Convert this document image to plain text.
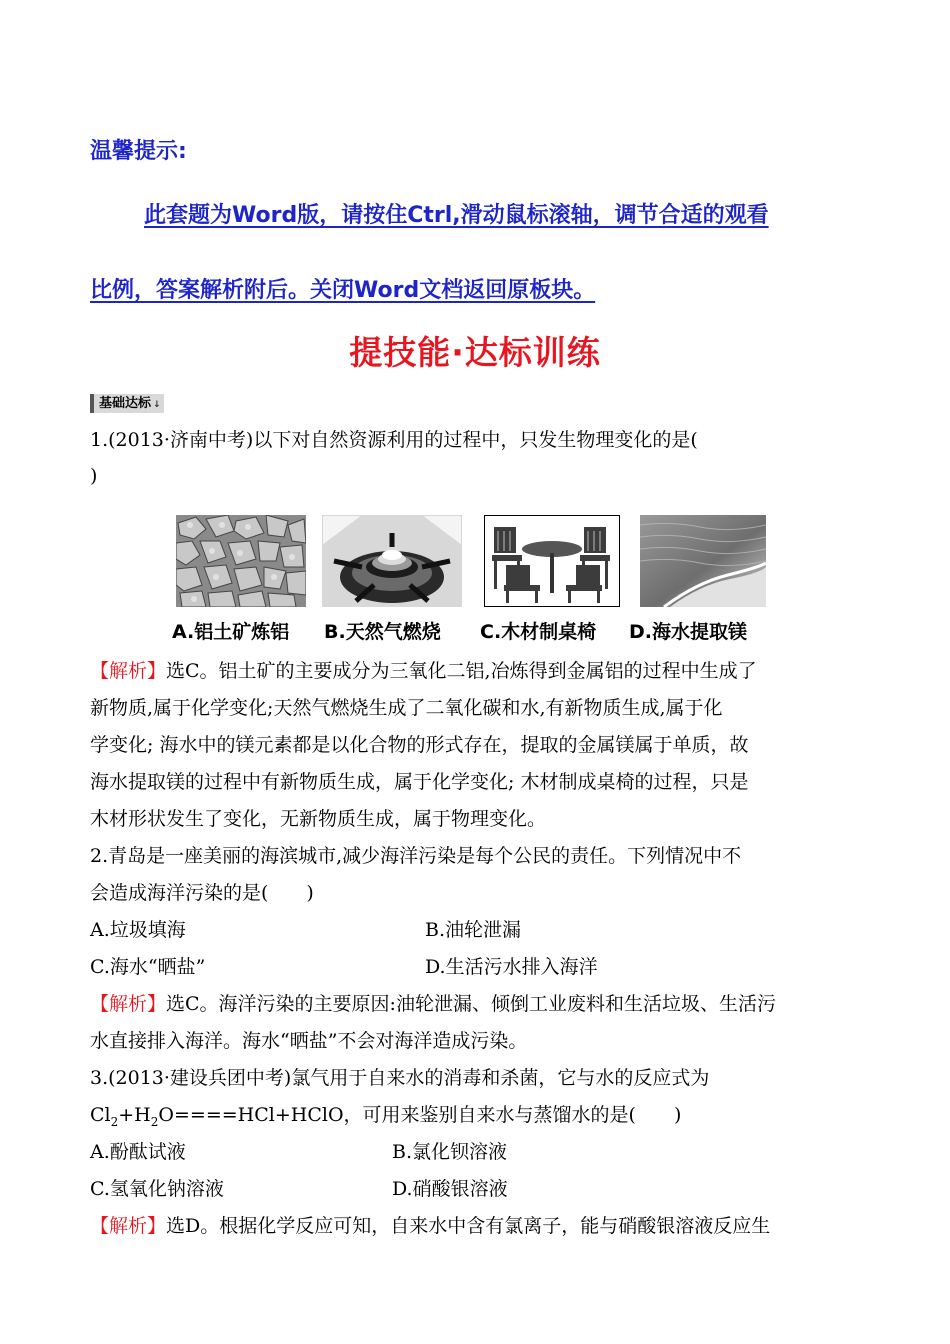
温馨提示:
此套题为Word版，请按住Ctrl,滑动鼠标滚轴，调节合适的观看
比例，答案解析附后。关闭Word文档返回原板块。
提技能·达标训练
基础达标 ↓
1.(2013·济南中考)以下对自然资源利用的过程中，只发生物理变化的是(
)
A.铝土矿炼铝 B.天然气燃烧 C.木材制桌椅 D.海水提取镁
【解析】选C。铝土矿的主要成分为三氧化二铝,冶炼得到金属铝的过程中生成了
新物质,属于化学变化;天然气燃烧生成了二氧化碳和水,有新物质生成,属于化
学变化; 海水中的镁元素都是以化合物的形式存在，提取的金属镁属于单质，故
海水提取镁的过程中有新物质生成，属于化学变化; 木材制成桌椅的过程，只是
木材形状发生了变化，无新物质生成，属于物理变化。
2.青岛是一座美丽的海滨城市,减少海洋污染是每个公民的责任。下列情况中不
会造成海洋污染的是(　　)
A.垃圾填海	B.油轮泄漏
C.海水“晒盐”	D.生活污水排入海洋
【解析】选C。海洋污染的主要原因:油轮泄漏、倾倒工业废料和生活垃圾、生活污
水直接排入海洋。海水“晒盐”不会对海洋造成污染。
3.(2013·建设兵团中考)氯气用于自来水的消毒和杀菌，它与水的反应式为
$Cl_2+H_2O====HCl+HClO$，可用来鉴别自来水与蒸馏水的是(　　)
A.酚酞试液	B.氯化钡溶液
C.氢氧化钠溶液	D.硝酸银溶液
【解析】选D。根据化学反应可知，自来水中含有氯离子，能与硝酸银溶液反应生
